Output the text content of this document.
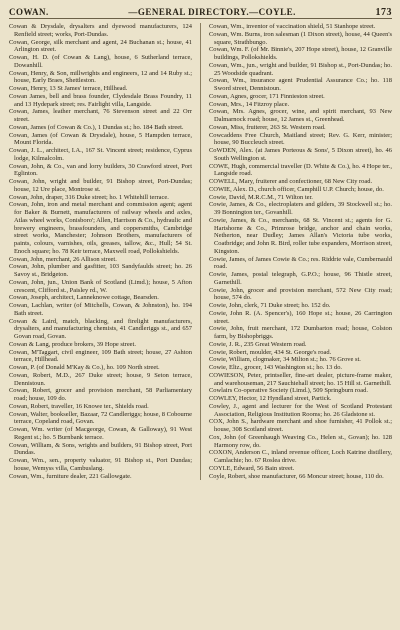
COWAN.	—GENERAL DIRECTORY.—COYLE.	173

Cowan & Drysdale, drysalters and dyewood manufacturers, 124 Renfield street; works, Port-Dundas.

Cowan, George, silk merchant and agent, 24 Buchanan st.; house, 41 Arlington street.

Cowan, H. D. (of Cowan & Lang), house, 6 Sutherland terrace, Dowanhill.

Cowan, Henry, & Son, millwrights and engineers, 12 and 14 Ruby st.; house, Early Braes, Shettleston.

Cowan, Henry, 13 St James' terrace, Hillhead.

Cowan James, bell and brass founder, Clydesdale Brass Foundry, 11 and 13 Hydepark street; res. Fairlight villa, Langside.

Cowan, James, leather merchant, 76 Stevenson street and 22 Orr street.

Cowan, James (of Cowan & Co.), 1 Dundas st.; ho. 184 Bath street.

Cowan, James (of Cowan & Drysdale), house, 5 Hampden terrace, Mount Florida.

Cowan, J. L., architect, I.A., 167 St. Vincent street; residence, Cyprus lodge, Kilmalcolm.

Cowan, John, & Co., van and lorry builders, 30 Crawford street, Port Eglinton.

Cowan, John, wright and builder, 91 Bishop street, Port-Dundas; house, 12 Ure place, Montrose st.

Cowan, John, draper, 316 Duke street; ho. 1 Whitehill terrace.

Cowan, John, iron and metal merchant and commission agent; agent for Baker & Burnett, manufacturers of railway wheels and axles, Atlas wheel works, Conisboro'; Allen, Harrison & Co., hydraulic and brewery engineers, brassfounders, and coppersmiths, Cambridge street works, Manchester; Johnson Brothers, manufacturers of paints, colours, varnishes, oils, greases, tallow, &c., Hull; 54 St. Enoch square; ho. 78 Keir terrace, Maxwell road, Pollokshields.

Cowan, John, merchant, 26 Allison street.

Cowan, John, plumber and gasfitter, 103 Sandyfaulds street; ho. 26 Savoy st., Bridgeton.

Cowan, John, jun., Union Bank of Scotland (Limd.); house, 5 Afton crescent, Clifford st., Paisley rd., W.

Cowan, Joseph, architect, Lanneknowe cottage, Bearsden.

Cowan, Lachlan, writer (of Mitchells, Cowan, & Johnston), ho. 194 Bath street.

Cowan & Laird, match, blacking, and firelight manufacturers, drysalters, and manufacturing chemists, 41 Candleriggs st., and 657 Govan road, Govan.

Cowan & Lang, produce brokers, 39 Hope street.

Cowan, M'Taggart, civil engineer, 109 Bath street; house, 27 Ashton terrace, Hillhead.

Cowan, P. (of Donald M'Kay & Co.), ho. 109 North street.

Cowan, Robert, M.D., 267 Duke street; house, 9 Seton terrace, Dennistoun.

Cowan, Robert, grocer and provision merchant, 58 Parliamentary road; house, 109 do.

Cowan, Robert, traveller, 16 Knowe ter., Shields road.

Cowan, Walter, bookseller, Bazaar, 72 Candleriggs; house, 8 Cobourne terrace, Copeland road, Govan.

Cowan, Wm. writer (of Macgeorge, Cowan, & Galloway), 91 West Regent st.; ho. 5 Burnbank terrace.

Cowan, William, & Sons, wrights and builders, 91 Bishop street, Port Dundas.

Cowan, Wm., sen., property valuator, 91 Bishop st., Port Dundas; house, Wemyss villa, Cambuslang.

Cowan, Wm., furniture dealer, 221 Gallowgate.

Cowan, Wm., inventor of vaccination shield, 51 Stanhope street.

Cowan, Wm. Burns, iron salesman (1 Dixon street), house, 44 Queen's square, Strathbungo.

Cowan, Wm. F. (of Mr. Binnie's, 207 Hope street), house, 12 Granville buildings, Pollokshields.

Cowan, Wm., jun., wright and builder, 91 Bishop st., Port-Dundas; ho. 25 Woodside quadrant.

Cowan, Wm., insurance agent Prudential Assurance Co.; ho. 118 Sword street, Dennistoun.

Cowan, Agnes, grocer, 171 Finnieston street.

Cowan, Mrs., 14 Fitzroy place.

Cowan, Mrs. Agnes, grocer, wine, and spirit merchant, 93 New Dalmarnock road; house, 12 James st., Greenhead.

Cowan, Miss, fruiterer, 263 St. Western road.

Cowcaddens Free Church, Maitland street; Rev. G. Kerr, minister; house, 90 Buccleuch street.

CoWDEN, Alex. (at James Porteous & Sons', 5 Dixon street), ho. 46 South Wellington st.

COWE, Hugh, commercial traveller (D. White & Co.), ho. 4 Hope ter., Langside road.

COWELL, Mary, fruiterer and confectioner, 68 New City road.

COWIE, Alex. D., church officer, Camphill U.P. Church; house, do.

Cowie, David, M.R.C.M., 71 Wilton ter.

Cowie, James, & Co., electroplaters and gilders, 39 Stockwell st.; ho. 39 Bonnington ter., Govanhill.

Cowie, James, & Co., merchants, 68 St. Vincent st.; agents for G. Hartshorne & Co., Primrose bridge, anchor and chain works, Netherton, near Dudley; James Allan's Victoria tube works, Coatbridge; and John R. Bird, roller tube expanders, Morrison street, Kingston.

Cowie, James, of James Cowie & Co.; res. Riddrie vale, Cumbernauld road.

Cowie, James, postal telegraph, G.P.O.; house, 96 Thistle street, Garnethill.

Cowie, John, grocer and provision merchant, 572 New City road; house, 574 do.

Cowie, John, clerk, 71 Duke street; ho. 152 do.

Cowie, John R. (A. Spencer's), 160 Hope st.; house, 26 Carrington street.

Cowie, John, fruit merchant, 172 Dumbarton road; house, Colston farm, by Bishopbriggs.

Cowie, J. R., 235 Great Western road.

Cowie, Robert, moulder, 434 St. George's road.

Cowie, William, clogmaker, 34 Milton st.; ho. 76 Grove st.

Cowie, Eliz., grocer, 143 Washington st.; ho. 13 do.

COWIESON, Peter, printseller, fine-art dealer, picture-frame maker, and warehouseman, 217 Sauchiehall street; ho. 15 Hill st. Garnethill.

Cowlairs Co-operative Society (Limd.), 509 Springburn road.

COWLEY, Hector, 12 Hyndland street, Partick.

Cowley, J., agent and lecturer for the West of Scotland Protestant Association, Religious Institution Rooms; ho. 26 Gladstone st.

COX, John S., hardware merchant and shoe furnisher, 41 Pollok st.; house, 308 Scotland street.

Cox, John (of Greenhaugh Weaving Co., Helen st., Govan); ho. 128 Harmony row, do.

COXON, Anderson C., inland revenue officer, Loch Katrine distillery, Camlachie; ho. 67 Roslea drive.

COYLE, Edward, 56 Bain street.

Coyle, Robert, shoe manufacturer, 66 Moncur street; house, 110 do.
